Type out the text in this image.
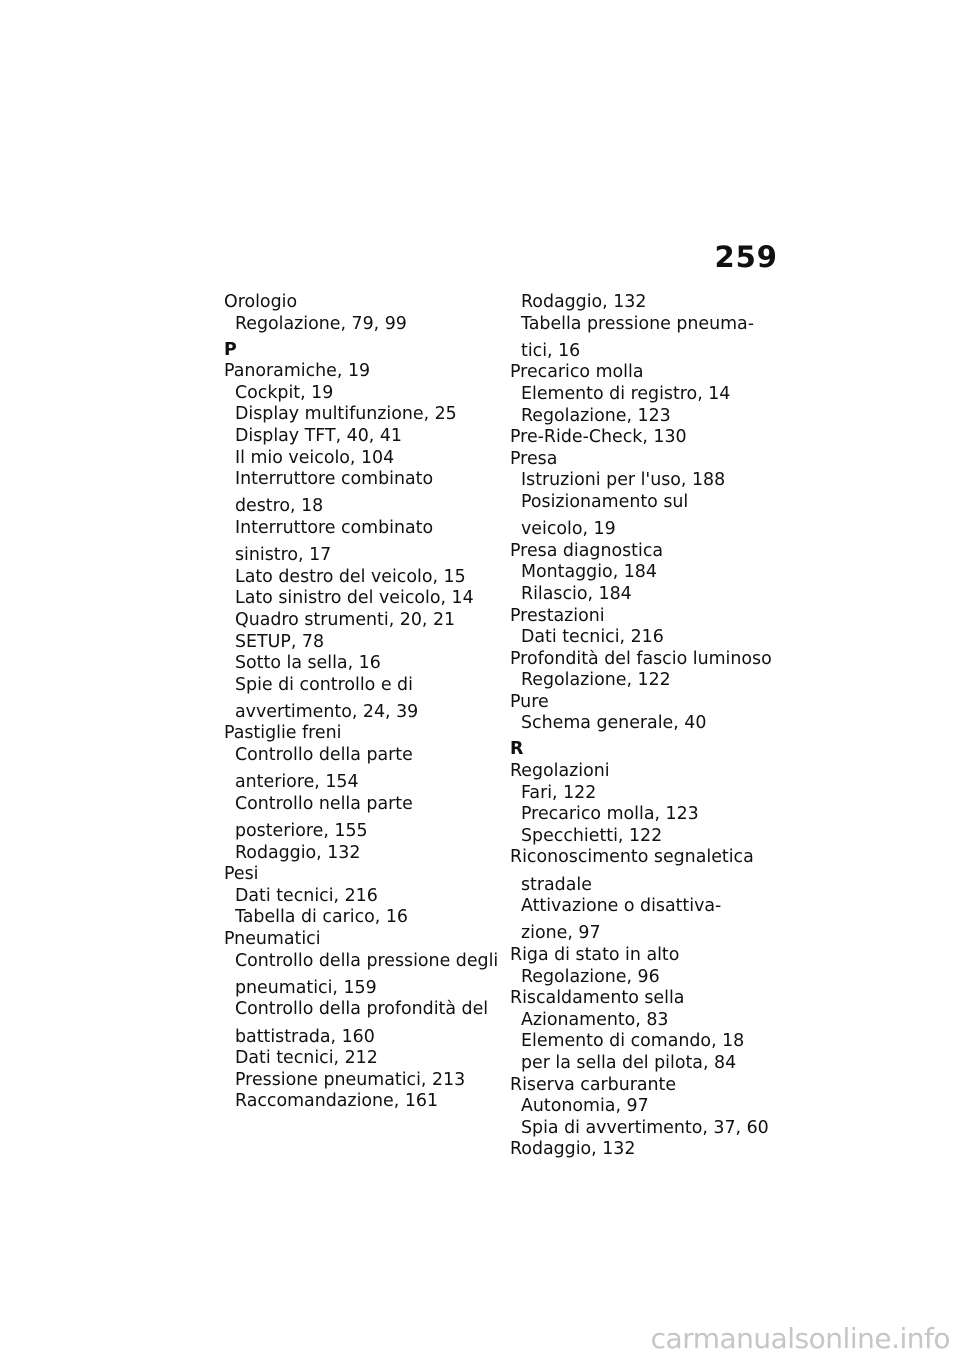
259
Orologio
Regolazione, 79, 99
P
Panoramiche, 19
Cockpit, 19
Display multifunzione, 25
Display TFT, 40, 41
Il mio veicolo, 104
Interruttore combinato
destro, 18
Interruttore combinato
sinistro, 17
Lato destro del veicolo, 15
Lato sinistro del veicolo, 14
Quadro strumenti, 20, 21
SETUP, 78
Sotto la sella, 16
Spie di controllo e di
avvertimento, 24, 39
Pastiglie freni
Controllo della parte
anteriore, 154
Controllo nella parte
posteriore, 155
Rodaggio, 132
Pesi
Dati tecnici, 216
Tabella di carico, 16
Pneumatici
Controllo della pressione degli
pneumatici, 159
Controllo della profondità del
battistrada, 160
Dati tecnici, 212
Pressione pneumatici, 213
Raccomandazione, 161
Rodaggio, 132
Tabella pressione pneuma-
tici, 16
Precarico molla
Elemento di registro, 14
Regolazione, 123
Pre-Ride-Check, 130
Presa
Istruzioni per l'uso, 188
Posizionamento sul
veicolo, 19
Presa diagnostica
Montaggio, 184
Rilascio, 184
Prestazioni
Dati tecnici, 216
Profondità del fascio luminoso
Regolazione, 122
Pure
Schema generale, 40
R
Regolazioni
Fari, 122
Precarico molla, 123
Specchietti, 122
Riconoscimento segnaletica
stradale
Attivazione o disattiva-
zione, 97
Riga di stato in alto
Regolazione, 96
Riscaldamento sella
Azionamento, 83
Elemento di comando, 18
per la sella del pilota, 84
Riserva carburante
Autonomia, 97
Spia di avvertimento, 37, 60
Rodaggio, 132
carmanualsonline.info
